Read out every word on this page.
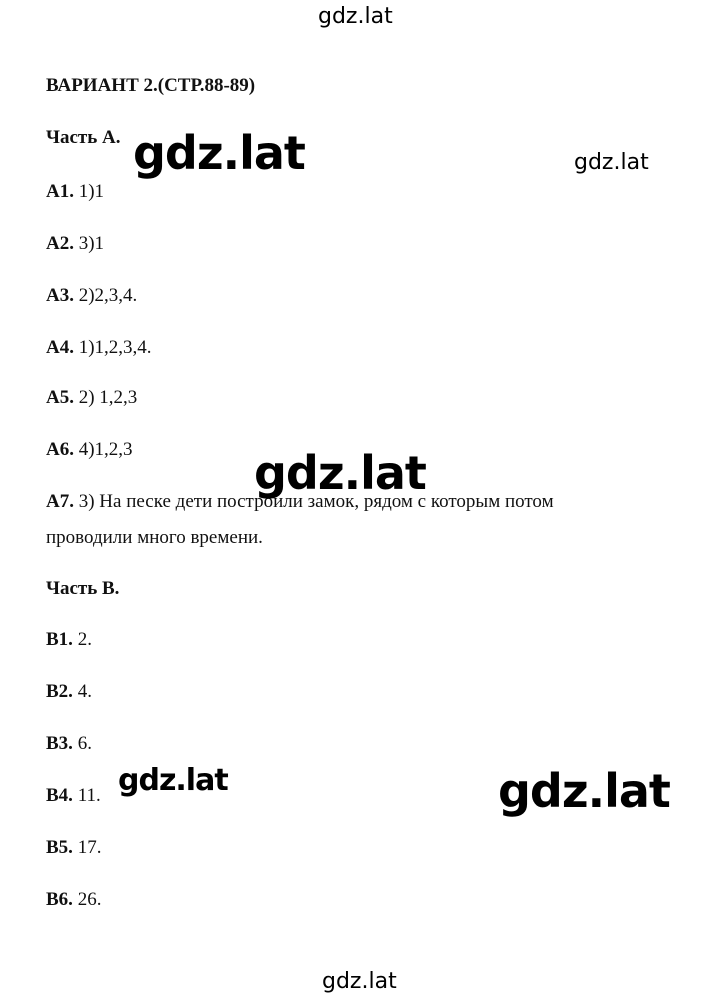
gdz.lat
ВАРИАНТ 2.(СТР.88-89)
Часть А. gdz.lat	gdz.lat
А1. 1)1
А2. 3)1
А3. 2)2,3,4.
А4. 1)1,2,3,4.
А5. 2) 1,2,3
А6. 4)1,2,3
А7. 3) На песке дети построили замок, рядом с которым потом
проводили много времени.
gdz.lat
Часть В.
В1. 2.
В2. 4.
В3. 6.
В4. 11. gdz.lat	gdz.lat
В5. 17.
В6. 26.
gdz.lat
